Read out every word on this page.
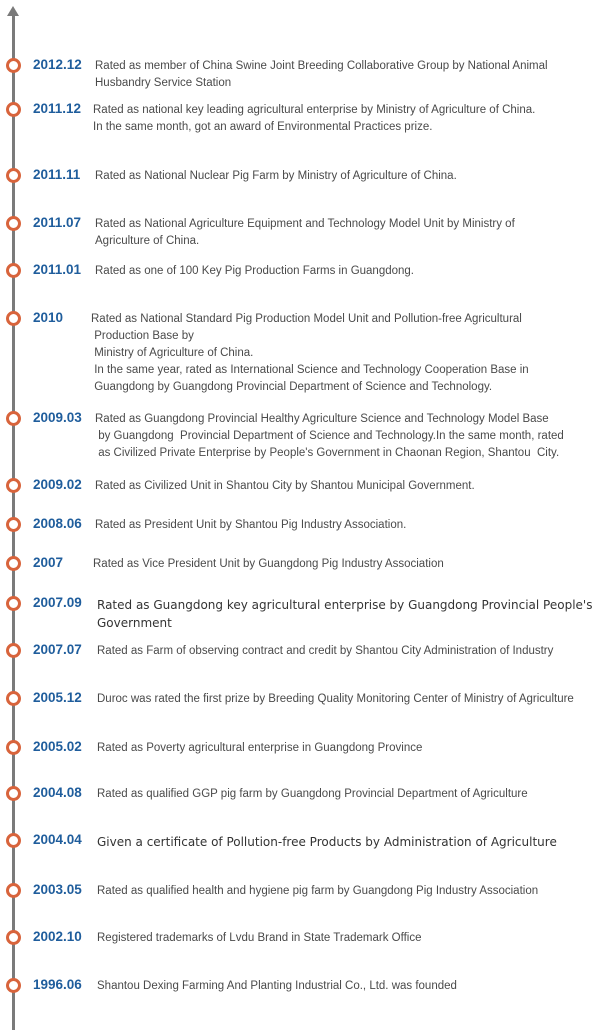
2012.12 Rated as member of China Swine Joint Breeding Collaborative Group by National Animal
Husbandry Service Station
2011.12 Rated as national key leading agricultural enterprise by Ministry of Agriculture of China.
In the same month, got an award of Environmental Practices prize.
2011.11 Rated as National Nuclear Pig Farm by Ministry of Agriculture of China.
2011.07 Rated as National Agriculture Equipment and Technology Model Unit by Ministry of
Agriculture of China.
2011.01 Rated as one of 100 Key Pig Production Farms in Guangdong.
2010 Rated as National Standard Pig Production Model Unit and Pollution-free Agricultural
Production Base by
Ministry of Agriculture of China.
In the same year, rated as International Science and Technology Cooperation Base in
Guangdong by Guangdong Provincial Department of Science and Technology.
2009.03 Rated as Guangdong Provincial Healthy Agriculture Science and Technology Model Base
by Guangdong  Provincial Department of Science and Technology.In the same month, rated
as Civilized Private Enterprise by People's Government in Chaonan Region, Shantou  City.
2009.02 Rated as Civilized Unit in Shantou City by Shantou Municipal Government.
2008.06 Rated as President Unit by Shantou Pig Industry Association.
2007	Rated as Vice President Unit by Guangdong Pig Industry Association
2007.09 Rated as Guangdong key agricultural enterprise by Guangdong Provincial People's
Government
2007.07 Rated as Farm of observing contract and credit by Shantou City Administration of Industry
2005.12 Duroc was rated the first prize by Breeding Quality Monitoring Center of Ministry of Agriculture
2005.02 Rated as Poverty agricultural enterprise in Guangdong Province
2004.08 Rated as qualified GGP pig farm by Guangdong Provincial Department of Agriculture
2004.04 Given a certificate of Pollution-free Products by Administration of Agriculture
2003.05 Rated as qualified health and hygiene pig farm by Guangdong Pig Industry Association
2002.10 Registered trademarks of Lvdu Brand in State Trademark Office
1996.06 Shantou Dexing Farming And Planting Industrial Co., Ltd. was founded
